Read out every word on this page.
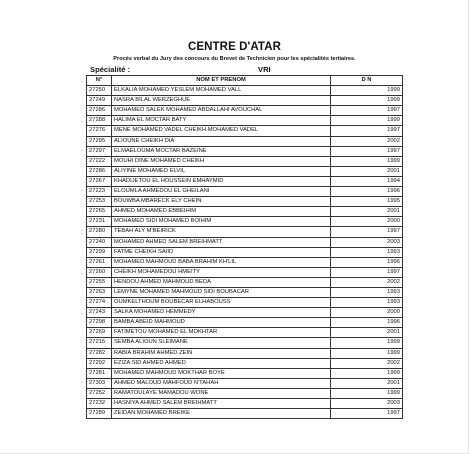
CENTRE D'ATAR
Procès verbal du Jury des concours du Brevet de Technicien pour les spécialités tertiaires.
Spécialité :	VRI
N°	NOM ET PRENOM	D N
27250	ELKALIA MOHAMED YESLEM MOHAMED VALL	1999
27249	NASRA BILAL WERZEGHUE	1999
27286	MOHAMED SALEK MOHAMED ABDALLAHI AVOUCHAL	1997
27288	HALIMA EL MOCTAR BATY	1999
27276	MENE MOHAMED VADEL CHEIKH MOHAMED VADEL	1997
27295	ALIOUNE CHEIKH DIA	2002
27297	ELMAELOUMA MOCTAR BAZEINE	1997
27222	MOUHI DINE MOHAMED CHEIKH	1999
27286	ALIYINE MOHAMED ELVIL	2001
27267	KHADIJETOU EL HOUSSEIN EMHAYMID	1994
27223	ELOUMLA AHMEDOU EL GHEILANI	1996
27253	BOUWBA MBARECK ELY CHEIN	1995
27265	AHMED MOHAMED EBBEIHIM	2001
27231	MOHAMED SIDI MOHAMED BOIHIM	2000
27280	TEBAH ALY M'BEIRICK	1997
27240	MOHAMED AHMED SALEM BREIHMATT	2003
27299	FATME CHEIKH SAIID	1993
27261	MOHAMED MAHMOUD BABA BRAHIM KH'LIL	1996
27260	CHEIKH MOHAMEDOU HMEITY	1997
27255	HENDOU AHMED MAHMOUD BEDA	2002
27263	LEMYNE MOHAMED MAHMOUD SIDI BOUBACAR	1993
27274	OUMKELTHOUM BOUBECAR ELHABOUSS	1993
27243	SALKA MOHAMED HEMMEDY	2000
27298	BAMBA ABEID MAHMOUD	1996
27269	FATIMETOU MOHAMED EL MOKHTAR	2001
27215	SEMBA ALIOUN SLEIMANE	1999
27282	RABIA BRAHIM AHMED ZEIN	1999
27292	EZIZA SID AHMED AHMED	2002
27281	MOHAMED MAHMOUD MOKTHAR BOYE	1999
27303	AHMED MALOUD MAHFOUD N'TAHAH	2001
27252	RAMATOULAYE MAMADOU WONE	1999
27232	HASNIYA AHMED SALEM BREIHMATT	2003
27289	ZEIDAN MOHAMED BREIKE	1997
